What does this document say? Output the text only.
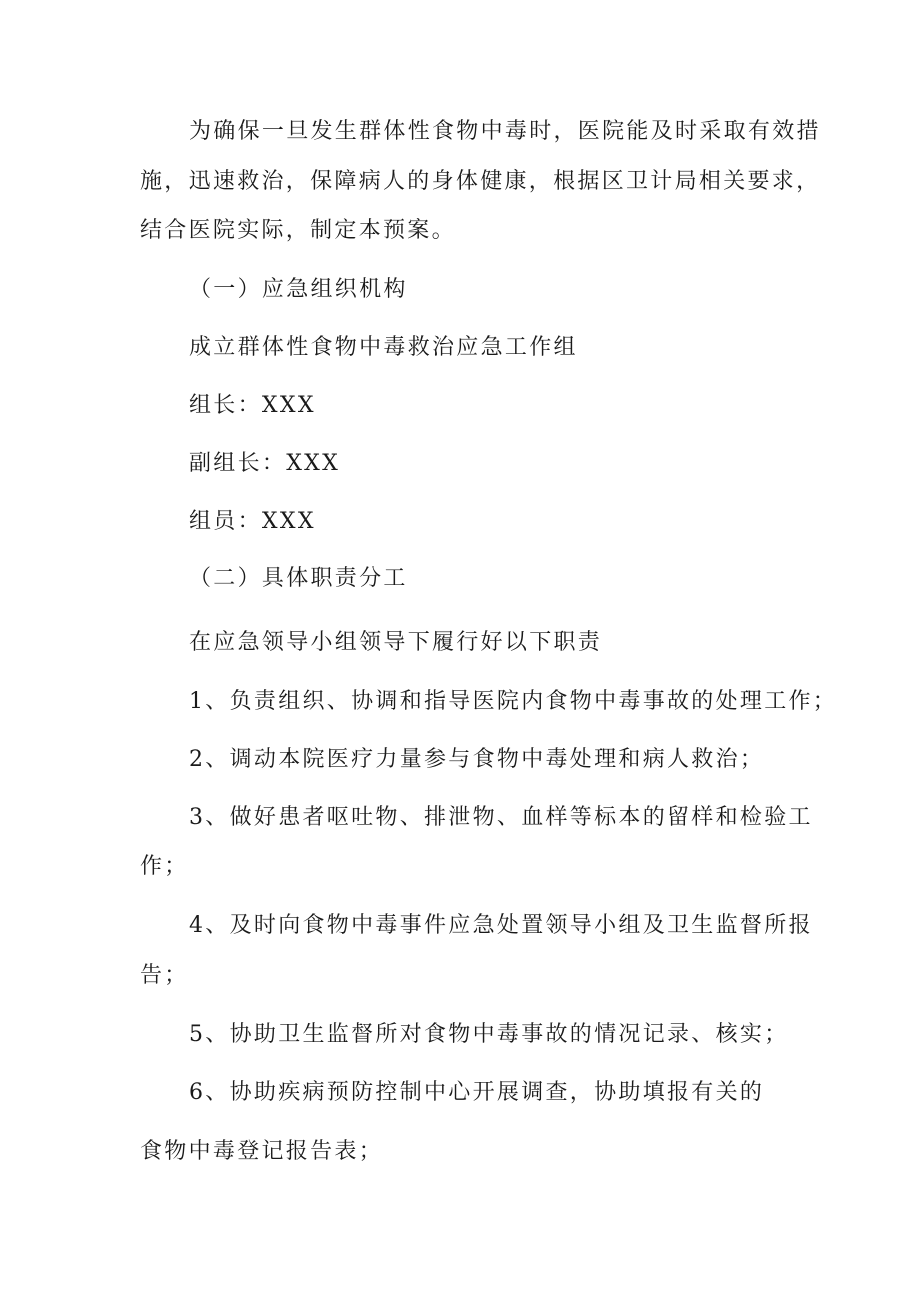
为确保一旦发生群体性食物中毒时，医院能及时采取有效措
施，迅速救治，保障病人的身体健康，根据区卫计局相关要求，
结合医院实际，制定本预案。
（一）应急组织机构
成立群体性食物中毒救治应急工作组
组长：XXX
副组长：XXX
组员：XXX
（二）具体职责分工
在应急领导小组领导下履行好以下职责
1、负责组织、协调和指导医院内食物中毒事故的处理工作；
2、调动本院医疗力量参与食物中毒处理和病人救治；
3、做好患者呕吐物、排泄物、血样等标本的留样和检验工
作；
4、及时向食物中毒事件应急处置领导小组及卫生监督所报
告；
5、协助卫生监督所对食物中毒事故的情况记录、核实；
6、协助疾病预防控制中心开展调查，协助填报有关的
食物中毒登记报告表；
